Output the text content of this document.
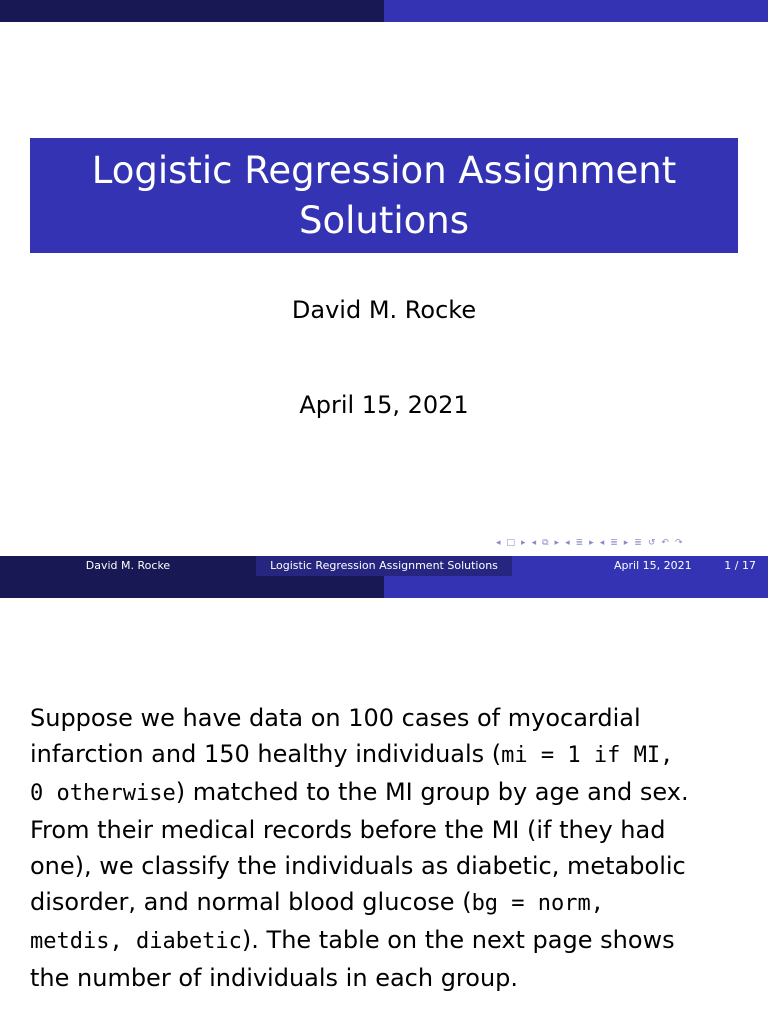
Logistic Regression Assignment
Solutions
David M. Rocke
April 15, 2021
◂ □ ▸ ◂ ⧉ ▸ ◂ ≣ ▸ ◂ ≣ ▸ ≣ ↺ ↶ ↷
David M. Rocke	Logistic Regression Assignment Solutions	April 15, 2021	1 / 17
Suppose we have data on 100 cases of myocardial
infarction and 150 healthy individuals (mi = 1 if MI,
0 otherwise) matched to the MI group by age and sex.
From their medical records before the MI (if they had
one), we classify the individuals as diabetic, metabolic
disorder, and normal blood glucose (bg = norm,
metdis, diabetic). The table on the next page shows
the number of individuals in each group.
